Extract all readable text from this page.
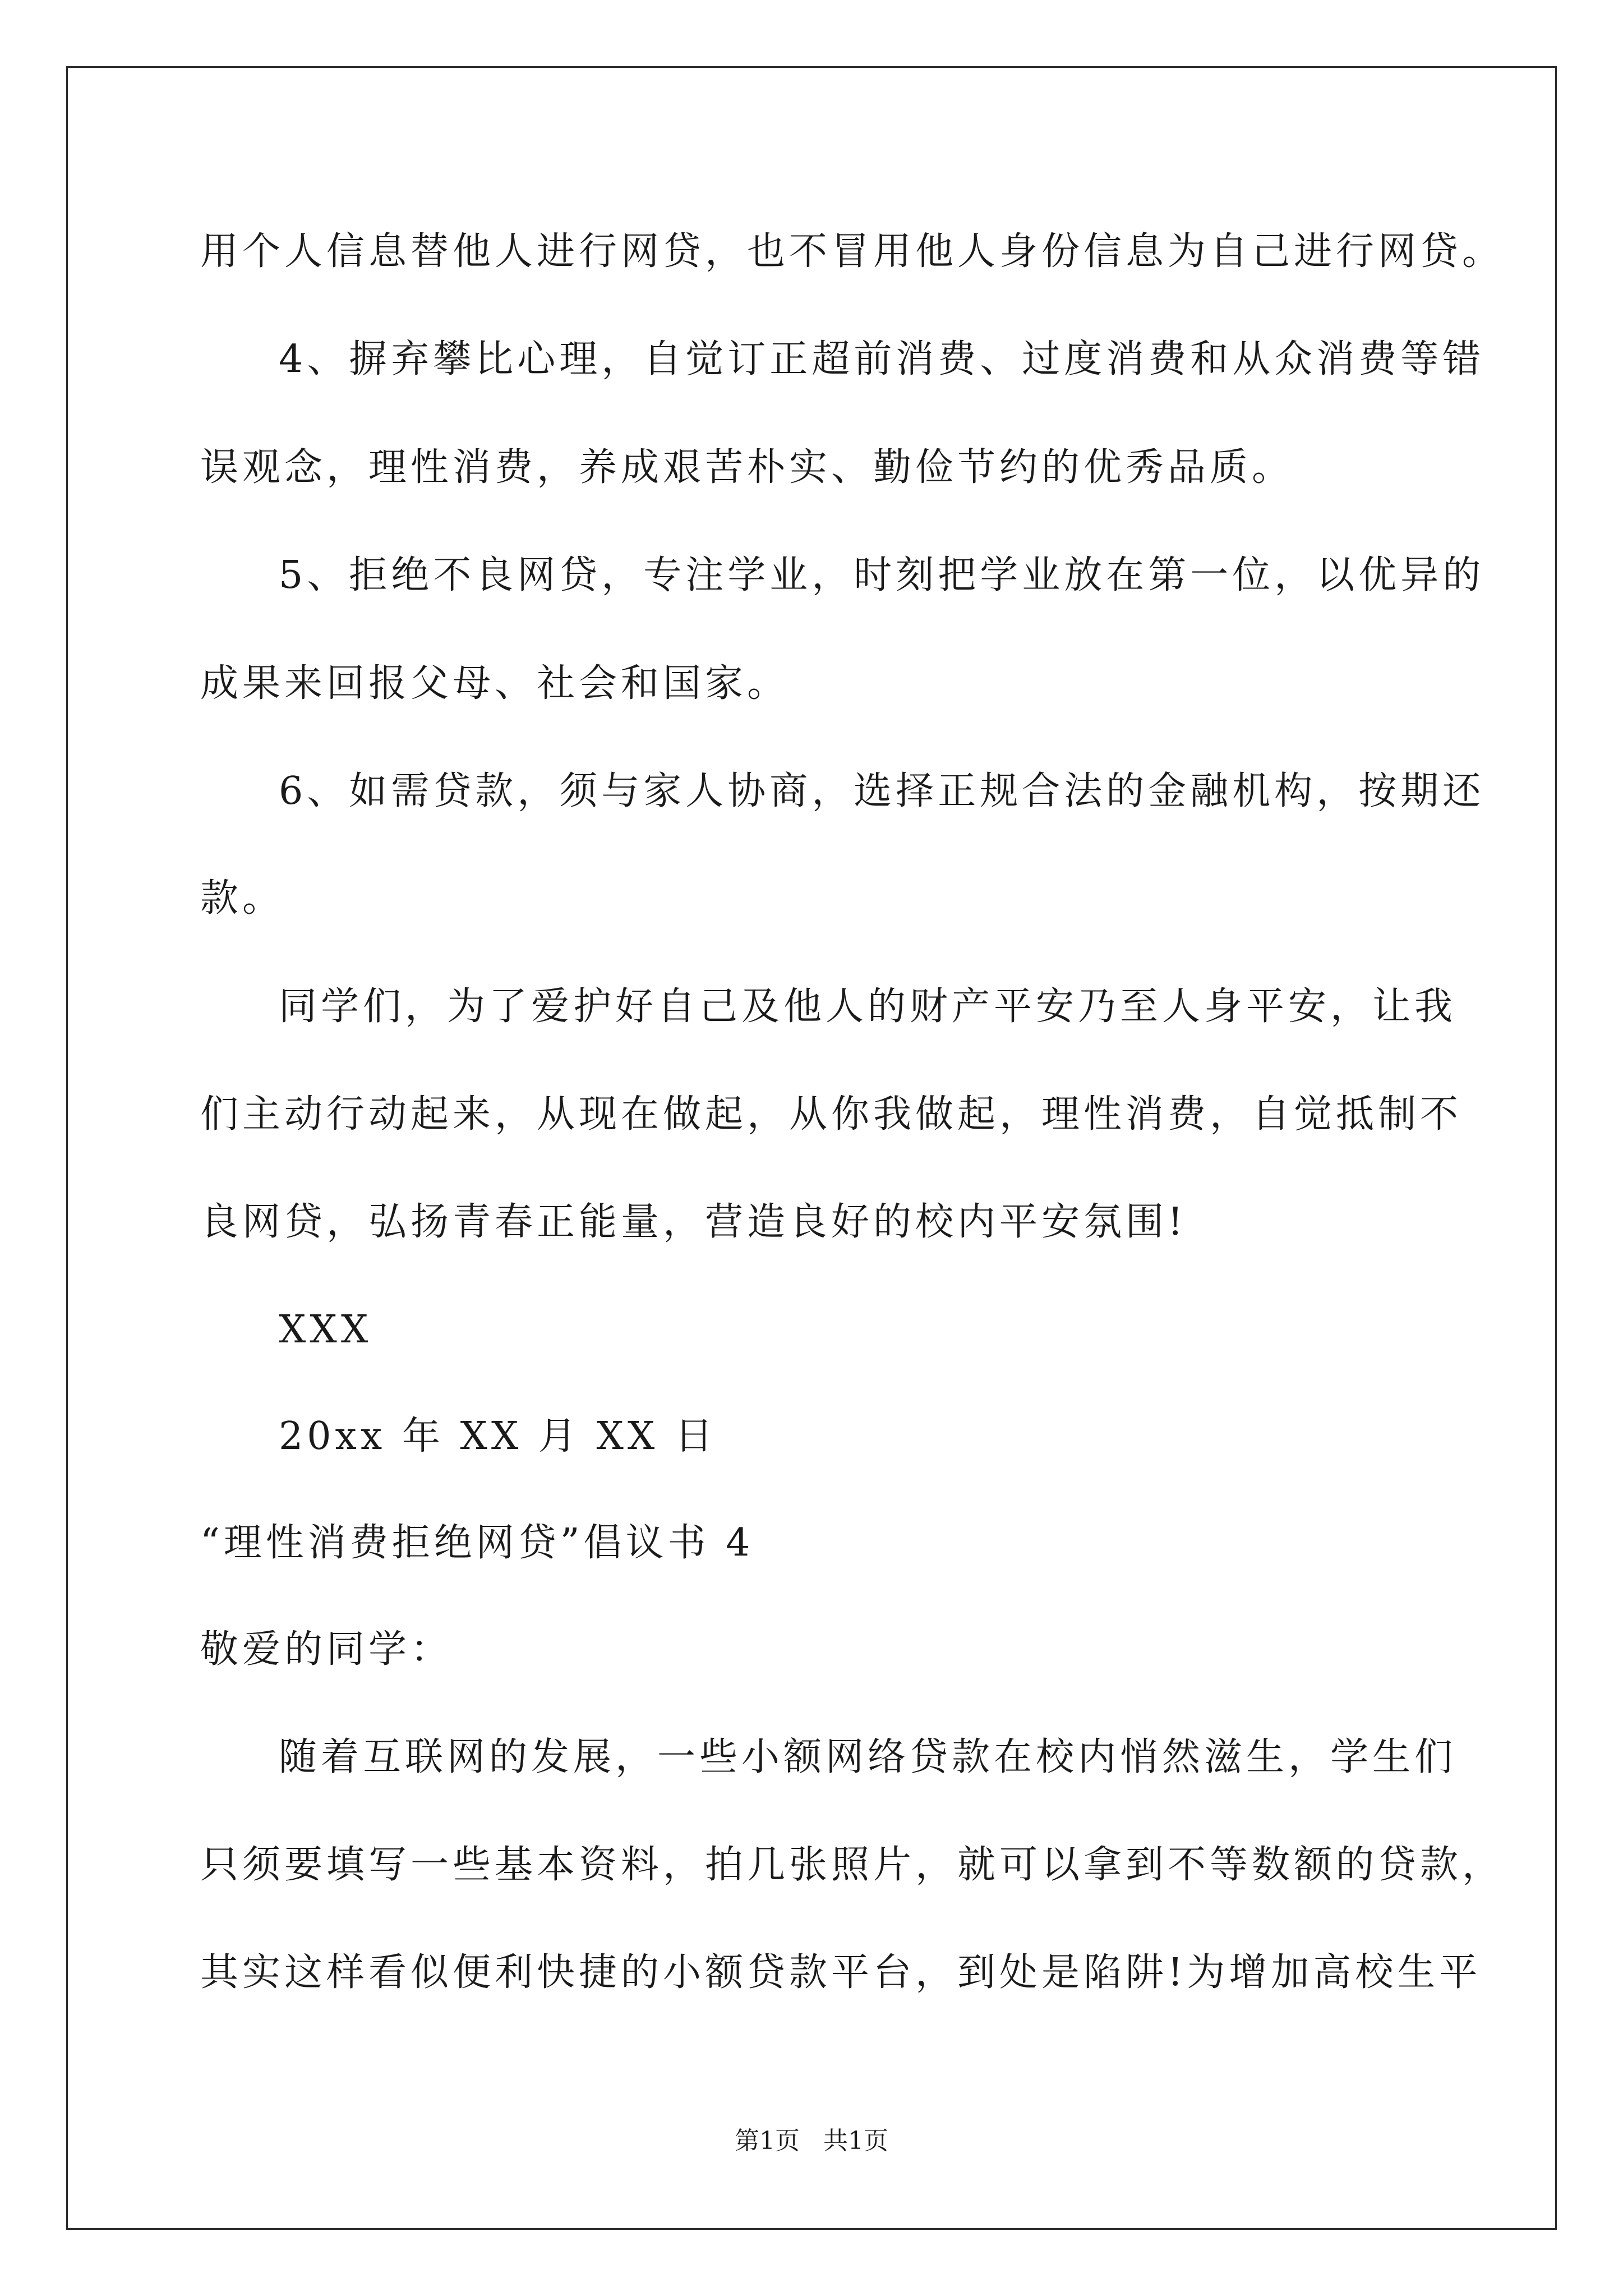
用个人信息替他人进行网贷，也不冒用他人身份信息为自己进行网贷。
4、摒弃攀比心理，自觉订正超前消费、过度消费和从众消费等错
误观念，理性消费，养成艰苦朴实、勤俭节约的优秀品质。
5、拒绝不良网贷，专注学业，时刻把学业放在第一位，以优异的
成果来回报父母、社会和国家。
6、如需贷款，须与家人协商，选择正规合法的金融机构，按期还
款。
同学们，为了爱护好自己及他人的财产平安乃至人身平安，让我
们主动行动起来，从现在做起，从你我做起，理性消费，自觉抵制不
良网贷，弘扬青春正能量，营造良好的校内平安氛围!
XXX
20xx 年 XX 月 XX 日
“理性消费拒绝网贷”倡议书 4
敬爱的同学：
随着互联网的发展，一些小额网络贷款在校内悄然滋生，学生们
只须要填写一些基本资料，拍几张照片，就可以拿到不等数额的贷款，
其实这样看似便利快捷的小额贷款平台，到处是陷阱!为增加高校生平
第1页   共1页
